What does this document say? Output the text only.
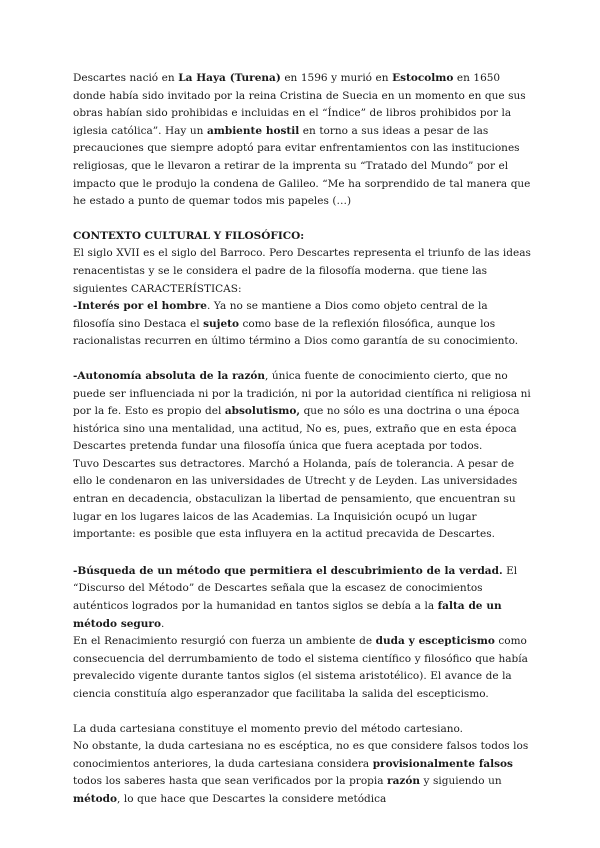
Descartes nació en La Haya (Turena) en 1596 y murió en Estocolmo en 1650 donde había sido invitado por la reina Cristina de Suecia en un momento en que sus obras habían sido prohibidas e incluidas en el “Índice” de libros prohibidos por la iglesia católica”. Hay un ambiente hostil en torno a sus ideas a pesar de las precauciones que siempre adoptó para evitar enfrentamientos con las instituciones religiosas, que le llevaron a retirar de la imprenta su “Tratado del Mundo” por el impacto que le produjo la condena de Galileo. “Me ha sorprendido de tal manera que he estado a punto de quemar todos mis papeles (…)

CONTEXTO CULTURAL Y FILOSÓFICO:

El siglo XVII es el siglo del Barroco. Pero Descartes representa el triunfo de las ideas renacentistas y se le considera el padre de la filosofía moderna. que tiene las siguientes CARACTERÍSTICAS:

-Interés por el hombre. Ya no se mantiene a Dios como objeto central de la filosofía sino Destaca el sujeto como base de la reflexión filosófica, aunque los racionalistas recurren en último término a Dios como garantía de su conocimiento.

-Autonomía absoluta de la razón, única fuente de conocimiento cierto, que no puede ser influenciada ni por la tradición, ni por la autoridad científica ni religiosa ni por la fe. Esto es propio del absolutismo, que no sólo es una doctrina o una época histórica sino una mentalidad, una actitud, No es, pues, extraño que en esta época Descartes pretenda fundar una filosofía única que fuera aceptada por todos.

Tuvo Descartes sus detractores. Marchó a Holanda, país de tolerancia. A pesar de ello le condenaron en las universidades de Utrecht y de Leyden. Las universidades entran en decadencia, obstaculizan la libertad de pensamiento, que encuentran su lugar en los lugares laicos de las Academias. La Inquisición ocupó un lugar importante: es posible que esta influyera en la actitud precavida de Descartes.

-Búsqueda de un método que permitiera el descubrimiento de la verdad. El “Discurso del Método” de Descartes señala que la escasez de conocimientos auténticos logrados por la humanidad en tantos siglos se debía a la falta de un método seguro.

En el Renacimiento resurgió con fuerza un ambiente de duda y escepticismo como consecuencia del derrumbamiento de todo el sistema científico y filosófico que había prevalecido vigente durante tantos siglos (el sistema aristotélico). El avance de la ciencia constituía algo esperanzador que facilitaba la salida del escepticismo.

La duda cartesiana constituye el momento previo del método cartesiano.

No obstante, la duda cartesiana no es escéptica, no es que considere falsos todos los conocimientos anteriores, la duda cartesiana considera provisionalmente falsos todos los saberes hasta que sean verificados por la propia razón y siguiendo un método, lo que hace que Descartes la considere metódica
